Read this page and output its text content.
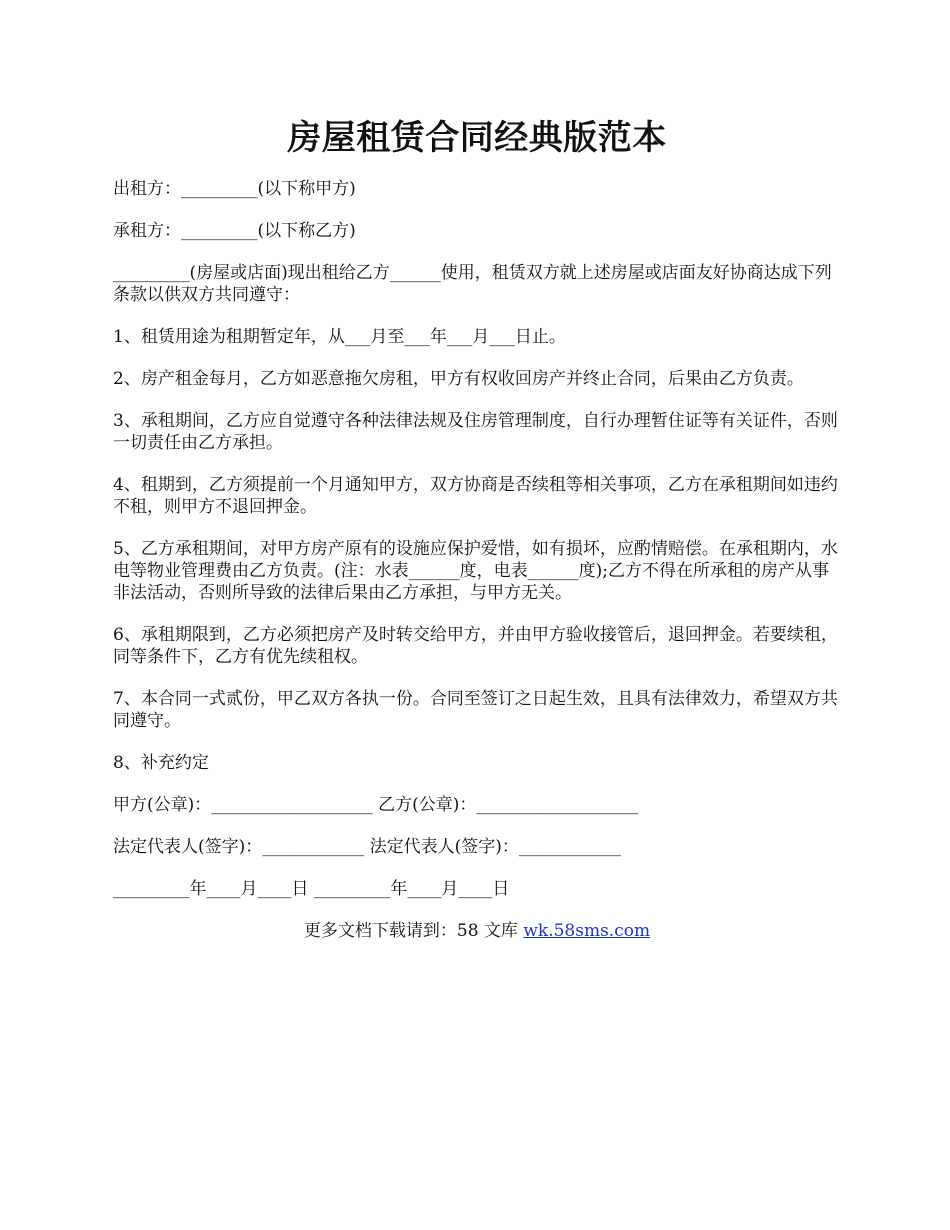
房屋租赁合同经典版范本

出租方：_________(以下称甲方)

承租方：_________(以下称乙方)

_________(房屋或店面)现出租给乙方______使用，租赁双方就上述房屋或店面友好协商达成下列条款以供双方共同遵守：

1、租赁用途为租期暂定年，从___月至___年___月___日止。

2、房产租金每月，乙方如恶意拖欠房租，甲方有权收回房产并终止合同，后果由乙方负责。

3、承租期间，乙方应自觉遵守各种法律法规及住房管理制度，自行办理暂住证等有关证件，否则一切责任由乙方承担。

4、租期到，乙方须提前一个月通知甲方，双方协商是否续租等相关事项，乙方在承租期间如违约不租，则甲方不退回押金。

5、乙方承租期间，对甲方房产原有的设施应保护爱惜，如有损坏，应酌情赔偿。在承租期内，水电等物业管理费由乙方负责。(注：水表______度，电表______度);乙方不得在所承租的房产从事非法活动，否则所导致的法律后果由乙方承担，与甲方无关。

6、承租期限到，乙方必须把房产及时转交给甲方，并由甲方验收接管后，退回押金。若要续租，同等条件下，乙方有优先续租权。

7、本合同一式贰份，甲乙双方各执一份。合同至签订之日起生效，且具有法律效力，希望双方共同遵守。

8、补充约定

甲方(公章)：___________________ 乙方(公章)：___________________

法定代表人(签字)：____________ 法定代表人(签字)：____________

_________年____月____日 _________年____月____日

更多文档下载请到：58 文库 wk.58sms.com
